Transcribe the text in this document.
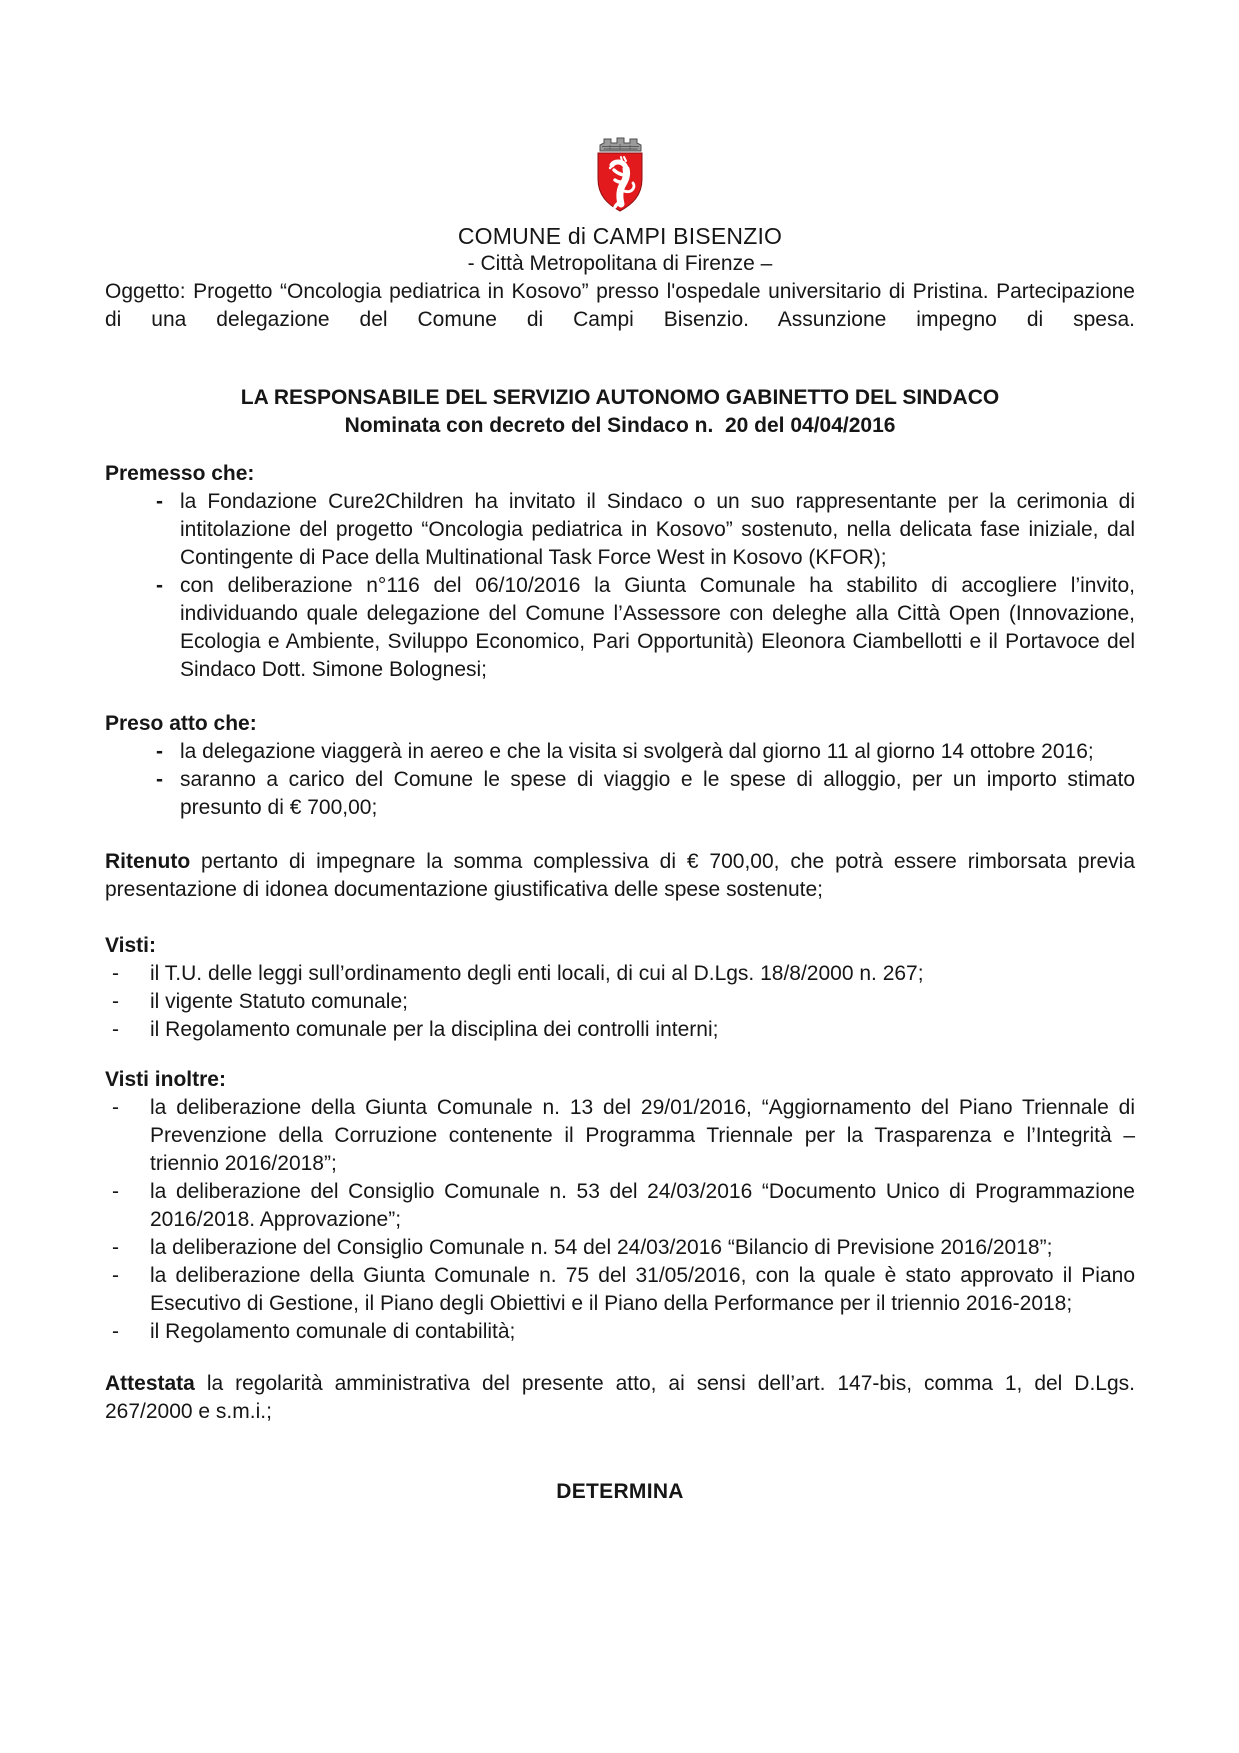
COMUNE di CAMPI BISENZIO
- Città Metropolitana di Firenze –

Oggetto: Progetto “Oncologia pediatrica in Kosovo” presso l'ospedale universitario di Pristina. Partecipazione di una delegazione del Comune di Campi Bisenzio. Assunzione impegno di spesa.

LA RESPONSABILE DEL SERVIZIO AUTONOMO GABINETTO DEL SINDACO
Nominata con decreto del Sindaco n.  20 del 04/04/2016
Premesso che:
- la Fondazione Cure2Children ha invitato il Sindaco o un suo rappresentante per la cerimonia di intitolazione del progetto “Oncologia pediatrica in Kosovo” sostenuto, nella delicata fase iniziale, dal Contingente di Pace della Multinational Task Force West in Kosovo (KFOR);
- con deliberazione n°116 del 06/10/2016 la Giunta Comunale ha stabilito di accogliere l’invito, individuando quale delegazione del Comune l’Assessore con deleghe alla Città Open (Innovazione, Ecologia e Ambiente, Sviluppo Economico, Pari Opportunità) Eleonora Ciambellotti e il Portavoce del Sindaco Dott. Simone Bolognesi;
Preso atto che:
- la delegazione viaggerà in aereo e che la visita si svolgerà dal giorno 11 al giorno 14 ottobre 2016;
- saranno a carico del Comune le spese di viaggio e le spese di alloggio, per un importo stimato presunto di € 700,00;

Ritenuto pertanto di impegnare la somma complessiva di € 700,00, che potrà essere rimborsata previa presentazione di idonea documentazione giustificativa delle spese sostenute;

Visti:
- il T.U. delle leggi sull’ordinamento degli enti locali, di cui al D.Lgs. 18/8/2000 n. 267;
- il vigente Statuto comunale;
- il Regolamento comunale per la disciplina dei controlli interni;
Visti inoltre:
- la deliberazione della Giunta Comunale n. 13 del 29/01/2016, “Aggiornamento del Piano Triennale di Prevenzione della Corruzione contenente il Programma Triennale per la Trasparenza e l’Integrità – triennio 2016/2018”;
- la deliberazione del Consiglio Comunale n. 53 del 24/03/2016 “Documento Unico di Programmazione 2016/2018. Approvazione”;
- la deliberazione del Consiglio Comunale n. 54 del 24/03/2016 “Bilancio di Previsione 2016/2018”;
- la deliberazione della Giunta Comunale n. 75 del 31/05/2016, con la quale è stato approvato il Piano Esecutivo di Gestione, il Piano degli Obiettivi e il Piano della Performance per il triennio 2016-2018;
- il Regolamento comunale di contabilità;

Attestata la regolarità amministrativa del presente atto, ai sensi dell’art. 147-bis, comma 1, del D.Lgs. 267/2000 e s.m.i.;

DETERMINA
